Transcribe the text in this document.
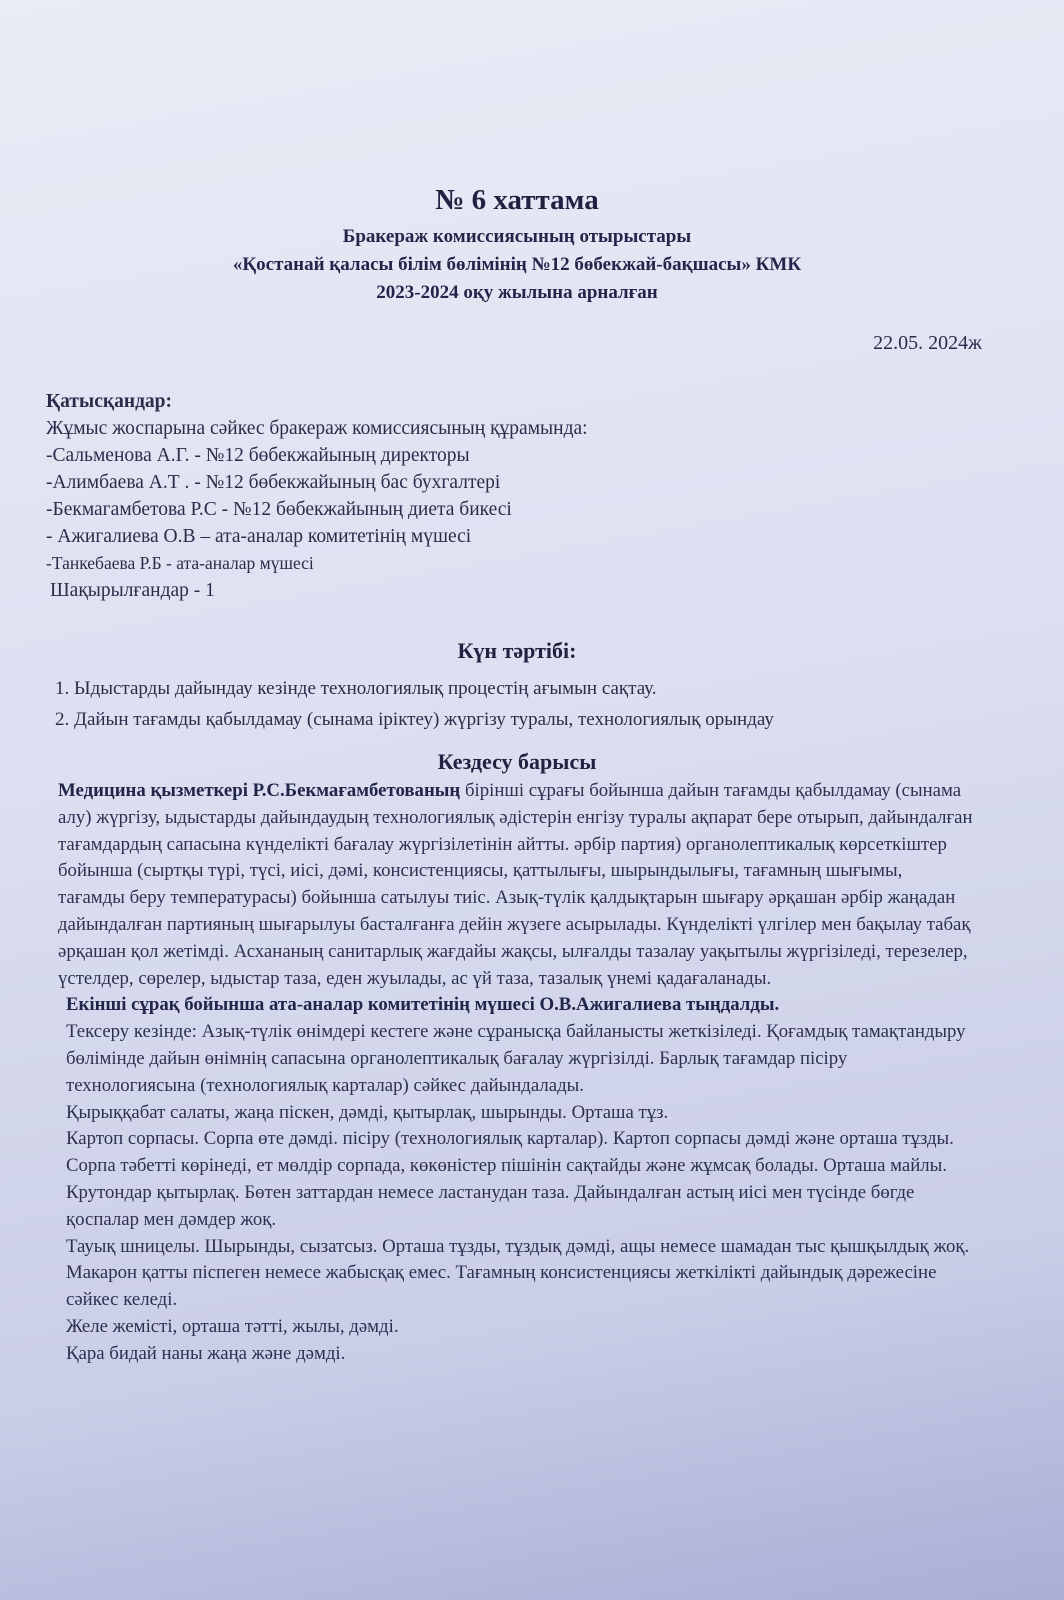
№ 6 хаттама
Бракераж комиссиясының отырыстары
«Қостанай қаласы білім бөлімінің №12 бөбекжай-бақшасы» КМК
2023-2024 оқу жылына арналған
22.05. 2024ж
Қатысқандар:
Жұмыс жоспарына сәйкес бракераж комиссиясының құрамында:
-Сальменова А.Г. - №12 бөбекжайының директоры
-Алимбаева А.Т . - №12 бөбекжайының бас бухгалтері
-Бекмагамбетова Р.С - №12 бөбекжайының диета бикесі
- Ажигалиева О.В – ата-аналар комитетінің мүшесі
-Танкебаева Р.Б - ата-аналар мүшесі
Шақырылғандар - 1
Күн тәртібі:
1. Ыдыстарды дайындау кезінде технологиялық процестің ағымын сақтау.
2. Дайын тағамды қабылдамау (сынама іріктеу) жүргізу туралы, технологиялық орындау
Кездесу барысы

Медицина қызметкері Р.С.Бекмағамбетованың бірінші сұрағы бойынша дайын тағамды қабылдамау (сынама алу) жүргізу, ыдыстарды дайындаудың технологиялық әдістерін енгізу туралы ақпарат бере отырып, дайындалған тағамдардың сапасына күнделікті бағалау жүргізілетінін айтты. әрбір партия) органолептикалық көрсеткіштер бойынша (сыртқы түрі, түсі, иісі, дәмі, консистенциясы, қаттылығы, шырындылығы, тағамның шығымы, тағамды беру температурасы) бойынша сатылуы тиіс. Азық-түлік қалдықтарын шығару әрқашан әрбір жаңадан дайындалған партияның шығарылуы басталғанға дейін жүзеге асырылады. Күнделікті үлгілер мен бақылау табақ әрқашан қол жетімді. Асхананың санитарлық жағдайы жақсы, ылғалды тазалау уақытылы жүргізіледі, терезелер, үстелдер, сөрелер, ыдыстар таза, еден жуылады, ас үй таза, тазалық үнемі қадағаланады.

Екінші сұрақ бойынша ата-аналар комитетінің мүшесі О.В.Ажигалиева тыңдалды.

Тексеру кезінде: Азық-түлік өнімдері кестеге және сұранысқа байланысты жеткізіледі. Қоғамдық тамақтандыру бөлімінде дайын өнімнің сапасына органолептикалық бағалау жүргізілді. Барлық тағамдар пісіру технологиясына (технологиялық карталар) сәйкес дайындалады.

Қырыққабат салаты, жаңа піскен, дәмді, қытырлақ, шырынды. Орташа тұз.

Картоп сорпасы. Сорпа өте дәмді. пісіру (технологиялық карталар). Картоп сорпасы дәмді және орташа тұзды. Сорпа тәбетті көрінеді, ет мөлдір сорпада, көкөністер пішінін сақтайды және жұмсақ болады. Орташа майлы. Крутондар қытырлақ. Бөтен заттардан немесе ластанудан таза. Дайындалған астың иісі мен түсінде бөгде қоспалар мен дәмдер жоқ.

Тауық шницелы. Шырынды, сызатсыз. Орташа тұзды, тұздық дәмді, ащы немесе шамадан тыс қышқылдық жоқ. Макарон қатты піспеген немесе жабысқақ емес. Тағамның консистенциясы жеткілікті дайындық дәрежесіне сәйкес келеді.

Желе жемісті, орташа тәтті, жылы, дәмді.

Қара бидай наны жаңа және дәмді.
